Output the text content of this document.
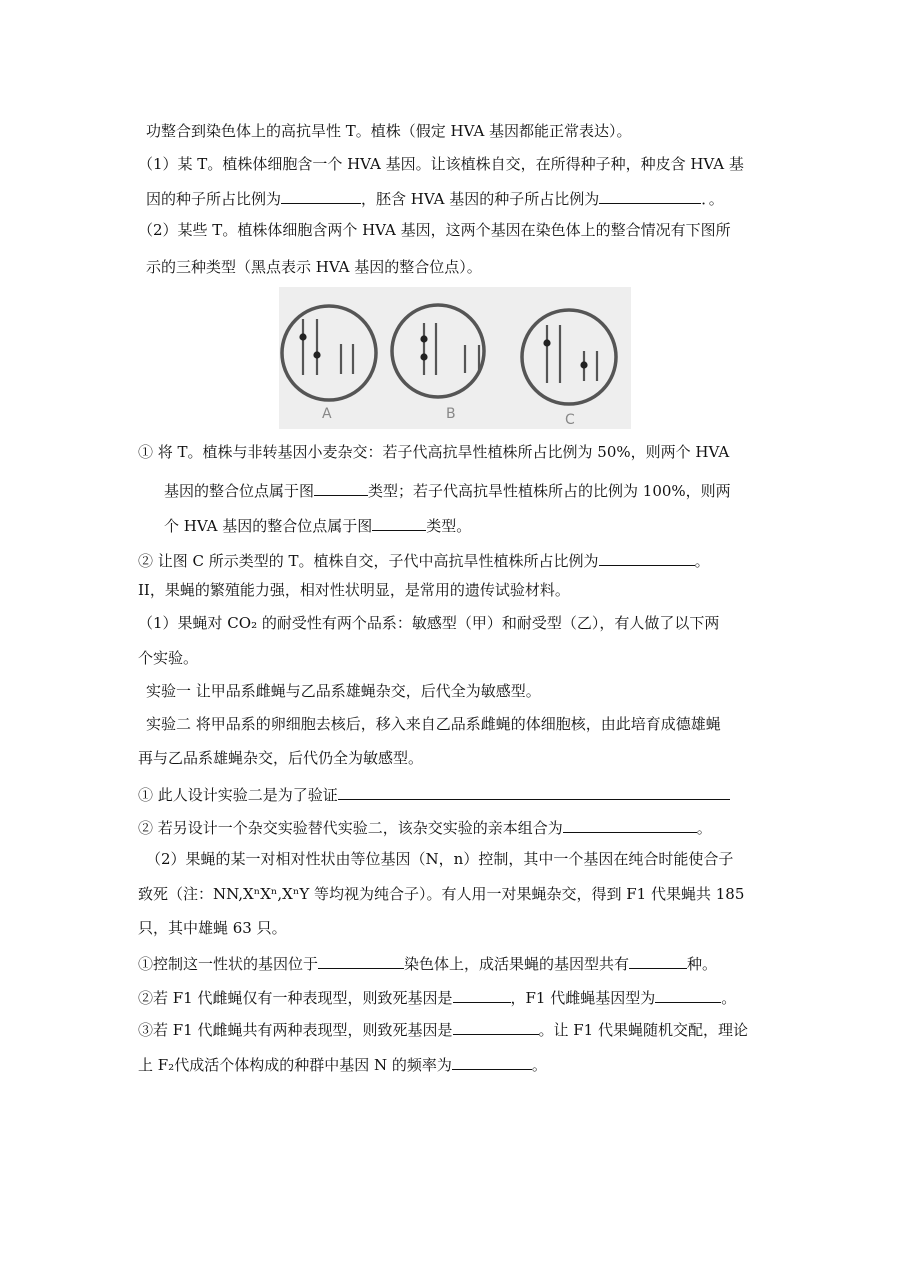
功整合到染色体上的高抗旱性 T。植株（假定 HVA 基因都能正常表达）。
（1）某 T。植株体细胞含一个 HVA 基因。让该植株自交，在所得种子种，种皮含 HVA 基
因的种子所占比例为	，胚含 HVA 基因的种子所占比例为	．。
（2）某些 T。植株体细胞含两个 HVA 基因，这两个基因在染色体上的整合情况有下图所
示的三种类型（黑点表示 HVA 基因的整合位点）。
A	B	C
① 将 T。植株与非转基因小麦杂交：若子代高抗旱性植株所占比例为 50%，则两个 HVA
基因的整合位点属于图	类型；若子代高抗旱性植株所占的比例为 100%，则两
个 HVA 基因的整合位点属于图	类型。
② 让图 C 所示类型的 T。植株自交，子代中高抗旱性植株所占比例为	。
II，果蝇的繁殖能力强，相对性状明显，是常用的遗传试验材料。
（1）果蝇对 CO₂ 的耐受性有两个品系：敏感型（甲）和耐受型（乙），有人做了以下两
个实验。
实验一 让甲品系雌蝇与乙品系雄蝇杂交，后代全为敏感型。
实验二 将甲品系的卵细胞去核后，移入来自乙品系雌蝇的体细胞核，由此培育成德雄蝇
再与乙品系雄蝇杂交，后代仍全为敏感型。
① 此人设计实验二是为了验证
② 若另设计一个杂交实验替代实验二，该杂交实验的亲本组合为	。
（2）果蝇的某一对相对性状由等位基因（N，n）控制，其中一个基因在纯合时能使合子
致死（注：NN,XⁿXⁿ,XⁿY 等均视为纯合子）。有人用一对果蝇杂交，得到 F1 代果蝇共 185
只，其中雄蝇 63 只。
①控制这一性状的基因位于	染色体上，成活果蝇的基因型共有	种。
②若 F1 代雌蝇仅有一种表现型，则致死基因是	，F1 代雌蝇基因型为	。
③若 F1 代雌蝇共有两种表现型，则致死基因是	。让 F1 代果蝇随机交配，理论
上 F₂代成活个体构成的种群中基因 N 的频率为	。
